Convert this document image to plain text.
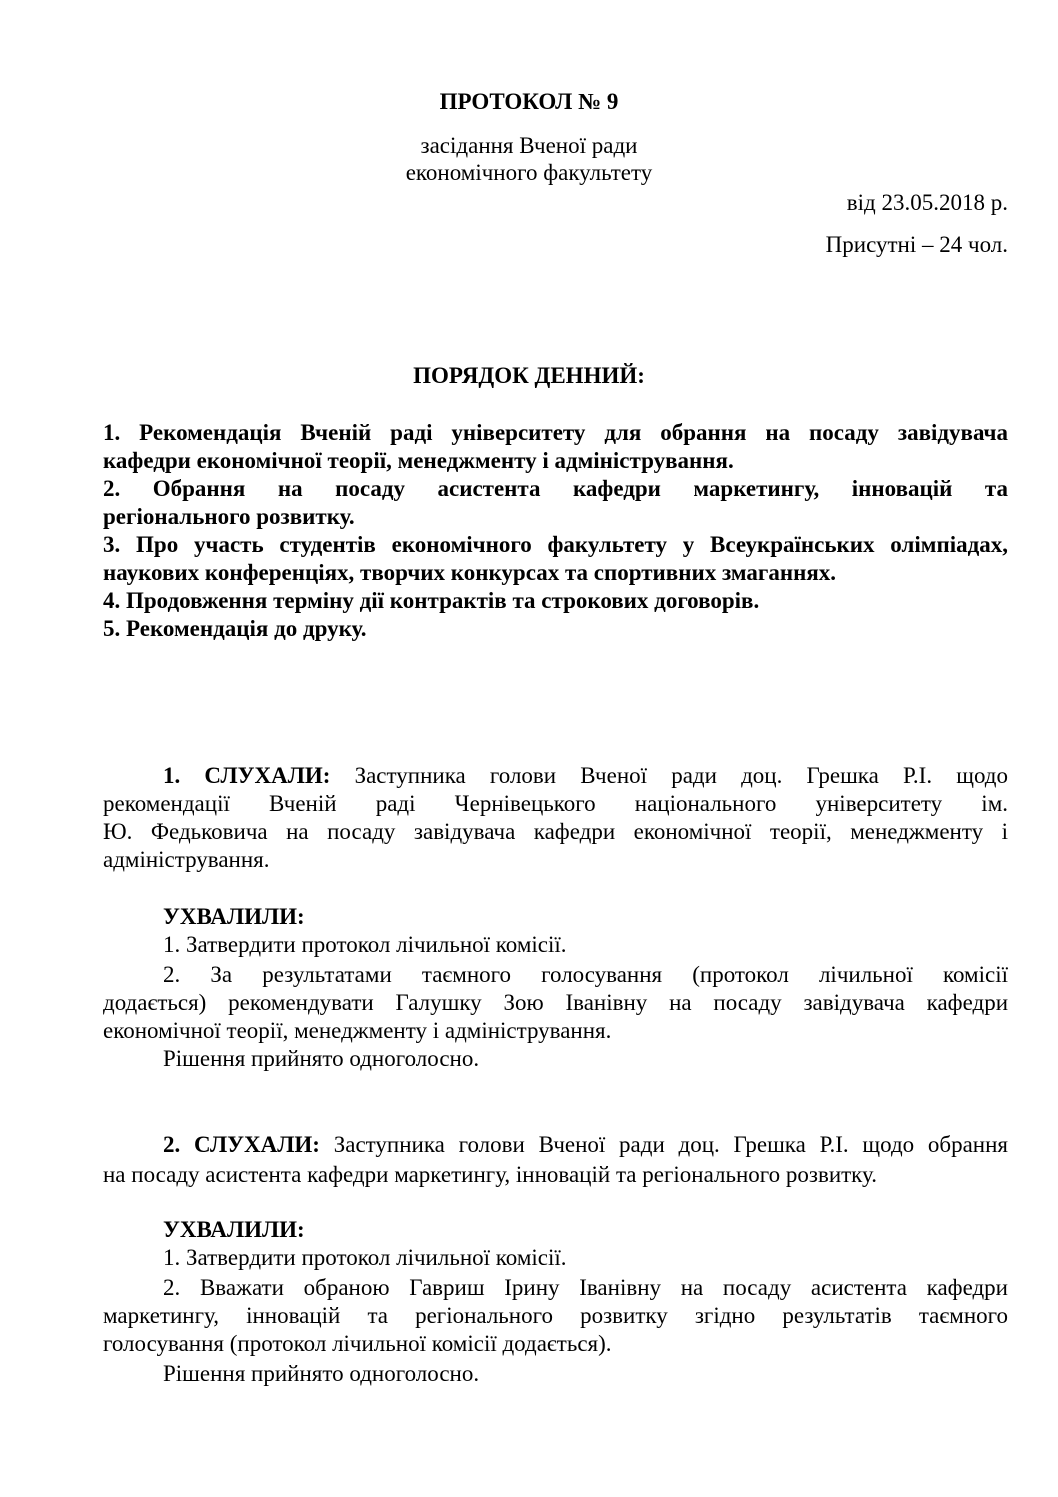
ПРОТОКОЛ № 9
засідання Вченої ради
економічного факультету
від 23.05.2018 р.
Присутні – 24 чол.
ПОРЯДОК ДЕННИЙ:
1. Рекомендація Вченій раді університету для обрання на посаду завідувача
кафедри економічної теорії, менеджменту і адміністрування.
2. Обрання на посаду асистента кафедри маркетингу, інновацій та
регіонального розвитку.
3. Про участь студентів економічного факультету у Всеукраїнських олімпіадах,
наукових конференціях, творчих конкурсах та спортивних змаганнях.
4. Продовження терміну дії контрактів та строкових договорів.
5. Рекомендація до друку.
1. СЛУХАЛИ: Заступника голови Вченої ради доц. Грешка Р.І. щодо
рекомендації Вченій раді Чернівецького національного університету ім.
Ю. Федьковича на посаду завідувача кафедри економічної теорії, менеджменту і
адміністрування.
УХВАЛИЛИ:
1. Затвердити протокол лічильної комісії.
2. За результатами таємного голосування (протокол лічильної комісії
додається) рекомендувати Галушку Зою Іванівну на посаду завідувача кафедри
економічної теорії, менеджменту і адміністрування.
Рішення прийнято одноголосно.
2. СЛУХАЛИ: Заступника голови Вченої ради доц. Грешка Р.І. щодо обрання
на посаду асистента кафедри маркетингу, інновацій та регіонального розвитку.
УХВАЛИЛИ:
1. Затвердити протокол лічильної комісії.
2. Вважати обраною Гавриш Ірину Іванівну на посаду асистента кафедри
маркетингу, інновацій та регіонального розвитку згідно результатів таємного
голосування (протокол лічильної комісії додається).
Рішення прийнято одноголосно.
